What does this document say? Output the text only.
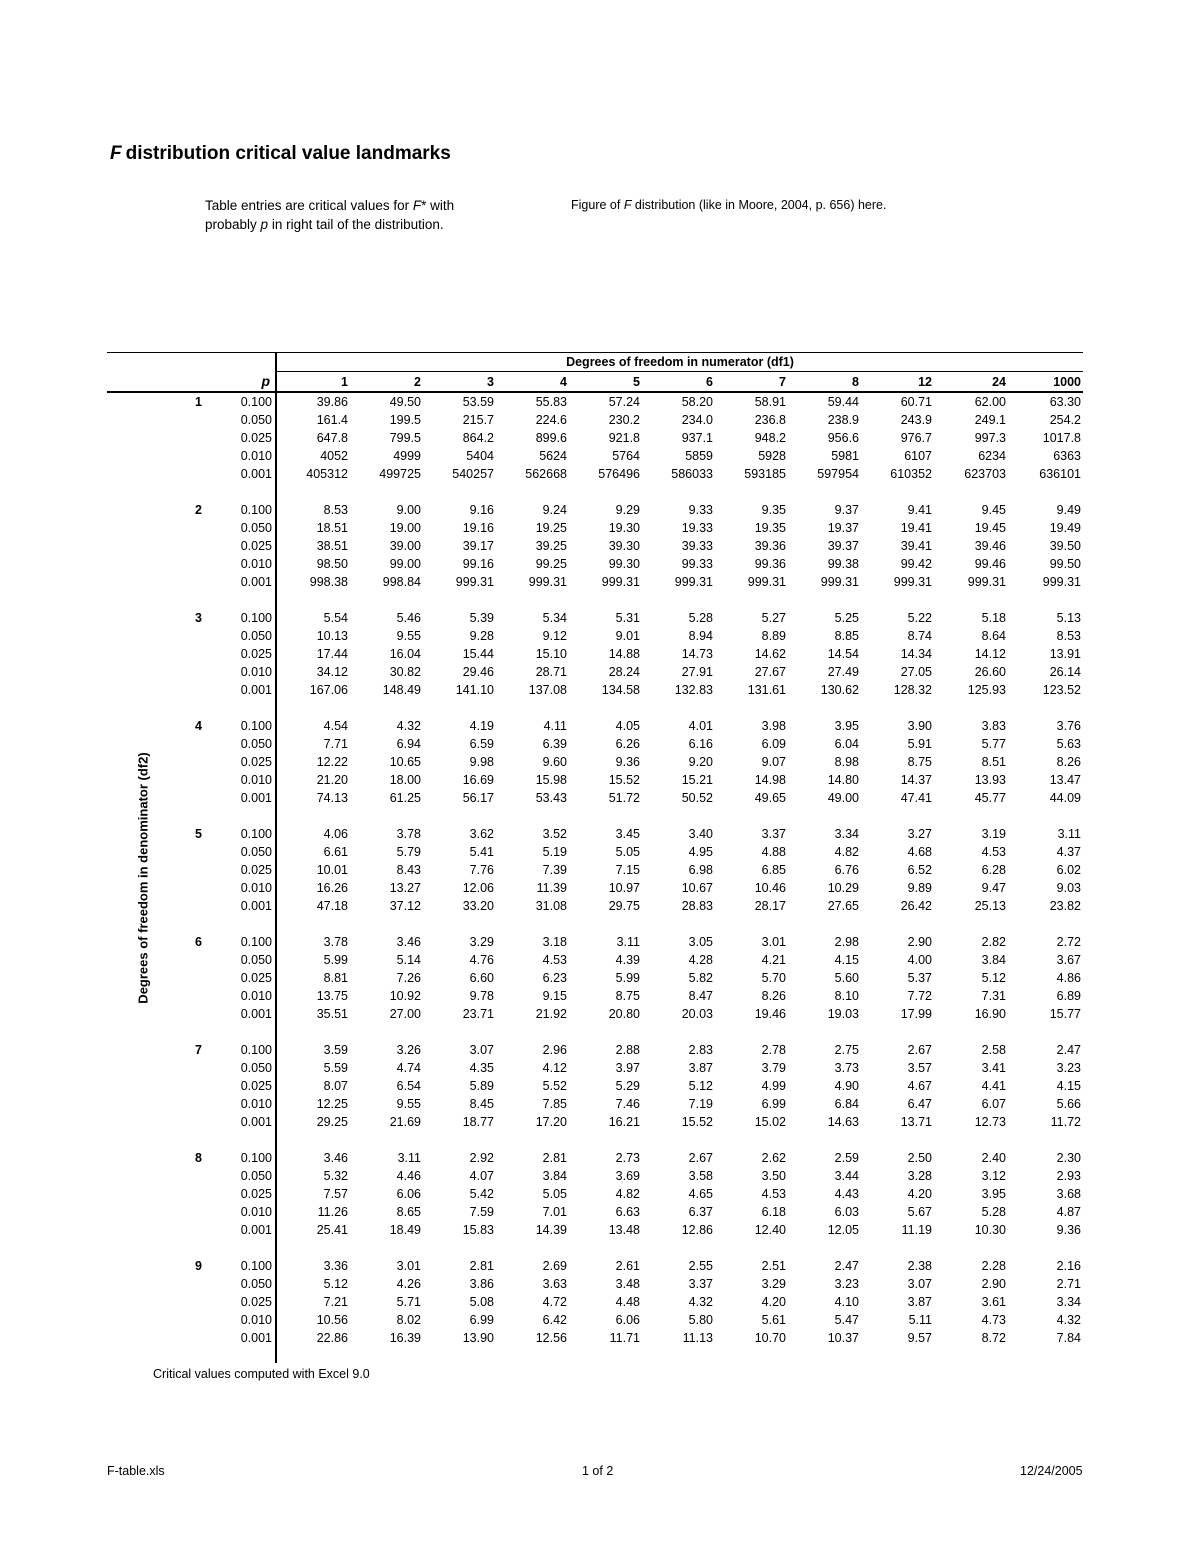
F distribution critical value landmarks
Table entries are critical values for F* with probably p in right tail of the distribution.
Figure of F distribution (like in Moore, 2004, p. 656) here.
Degrees of freedom in numerator (df1)
p
Degrees of freedom in denominator (df2)
1	2	3	4	5	6	7	8	12	24	1000
1	0.100	39.86	49.50	53.59	55.83	57.24	58.20	58.91	59.44	60.71	62.00	63.30
0.050	161.4	199.5	215.7	224.6	230.2	234.0	236.8	238.9	243.9	249.1	254.2
0.025	647.8	799.5	864.2	899.6	921.8	937.1	948.2	956.6	976.7	997.3	1017.8
0.010	4052	4999	5404	5624	5764	5859	5928	5981	6107	6234	6363
0.001	405312	499725	540257	562668	576496	586033	593185	597954	610352	623703	636101
2	0.100	8.53	9.00	9.16	9.24	9.29	9.33	9.35	9.37	9.41	9.45	9.49
0.050	18.51	19.00	19.16	19.25	19.30	19.33	19.35	19.37	19.41	19.45	19.49
0.025	38.51	39.00	39.17	39.25	39.30	39.33	39.36	39.37	39.41	39.46	39.50
0.010	98.50	99.00	99.16	99.25	99.30	99.33	99.36	99.38	99.42	99.46	99.50
0.001	998.38	998.84	999.31	999.31	999.31	999.31	999.31	999.31	999.31	999.31	999.31
3	0.100	5.54	5.46	5.39	5.34	5.31	5.28	5.27	5.25	5.22	5.18	5.13
0.050	10.13	9.55	9.28	9.12	9.01	8.94	8.89	8.85	8.74	8.64	8.53
0.025	17.44	16.04	15.44	15.10	14.88	14.73	14.62	14.54	14.34	14.12	13.91
0.010	34.12	30.82	29.46	28.71	28.24	27.91	27.67	27.49	27.05	26.60	26.14
0.001	167.06	148.49	141.10	137.08	134.58	132.83	131.61	130.62	128.32	125.93	123.52
4	0.100	4.54	4.32	4.19	4.11	4.05	4.01	3.98	3.95	3.90	3.83	3.76
0.050	7.71	6.94	6.59	6.39	6.26	6.16	6.09	6.04	5.91	5.77	5.63
0.025	12.22	10.65	9.98	9.60	9.36	9.20	9.07	8.98	8.75	8.51	8.26
0.010	21.20	18.00	16.69	15.98	15.52	15.21	14.98	14.80	14.37	13.93	13.47
0.001	74.13	61.25	56.17	53.43	51.72	50.52	49.65	49.00	47.41	45.77	44.09
5	0.100	4.06	3.78	3.62	3.52	3.45	3.40	3.37	3.34	3.27	3.19	3.11
0.050	6.61	5.79	5.41	5.19	5.05	4.95	4.88	4.82	4.68	4.53	4.37
0.025	10.01	8.43	7.76	7.39	7.15	6.98	6.85	6.76	6.52	6.28	6.02
0.010	16.26	13.27	12.06	11.39	10.97	10.67	10.46	10.29	9.89	9.47	9.03
0.001	47.18	37.12	33.20	31.08	29.75	28.83	28.17	27.65	26.42	25.13	23.82
6	0.100	3.78	3.46	3.29	3.18	3.11	3.05	3.01	2.98	2.90	2.82	2.72
0.050	5.99	5.14	4.76	4.53	4.39	4.28	4.21	4.15	4.00	3.84	3.67
0.025	8.81	7.26	6.60	6.23	5.99	5.82	5.70	5.60	5.37	5.12	4.86
0.010	13.75	10.92	9.78	9.15	8.75	8.47	8.26	8.10	7.72	7.31	6.89
0.001	35.51	27.00	23.71	21.92	20.80	20.03	19.46	19.03	17.99	16.90	15.77
7	0.100	3.59	3.26	3.07	2.96	2.88	2.83	2.78	2.75	2.67	2.58	2.47
0.050	5.59	4.74	4.35	4.12	3.97	3.87	3.79	3.73	3.57	3.41	3.23
0.025	8.07	6.54	5.89	5.52	5.29	5.12	4.99	4.90	4.67	4.41	4.15
0.010	12.25	9.55	8.45	7.85	7.46	7.19	6.99	6.84	6.47	6.07	5.66
0.001	29.25	21.69	18.77	17.20	16.21	15.52	15.02	14.63	13.71	12.73	11.72
8	0.100	3.46	3.11	2.92	2.81	2.73	2.67	2.62	2.59	2.50	2.40	2.30
0.050	5.32	4.46	4.07	3.84	3.69	3.58	3.50	3.44	3.28	3.12	2.93
0.025	7.57	6.06	5.42	5.05	4.82	4.65	4.53	4.43	4.20	3.95	3.68
0.010	11.26	8.65	7.59	7.01	6.63	6.37	6.18	6.03	5.67	5.28	4.87
0.001	25.41	18.49	15.83	14.39	13.48	12.86	12.40	12.05	11.19	10.30	9.36
9	0.100	3.36	3.01	2.81	2.69	2.61	2.55	2.51	2.47	2.38	2.28	2.16
0.050	5.12	4.26	3.86	3.63	3.48	3.37	3.29	3.23	3.07	2.90	2.71
0.025	7.21	5.71	5.08	4.72	4.48	4.32	4.20	4.10	3.87	3.61	3.34
0.010	10.56	8.02	6.99	6.42	6.06	5.80	5.61	5.47	5.11	4.73	4.32
0.001	22.86	16.39	13.90	12.56	11.71	11.13	10.70	10.37	9.57	8.72	7.84
Critical values computed with Excel 9.0
F-table.xls	1 of 2	12/24/2005
